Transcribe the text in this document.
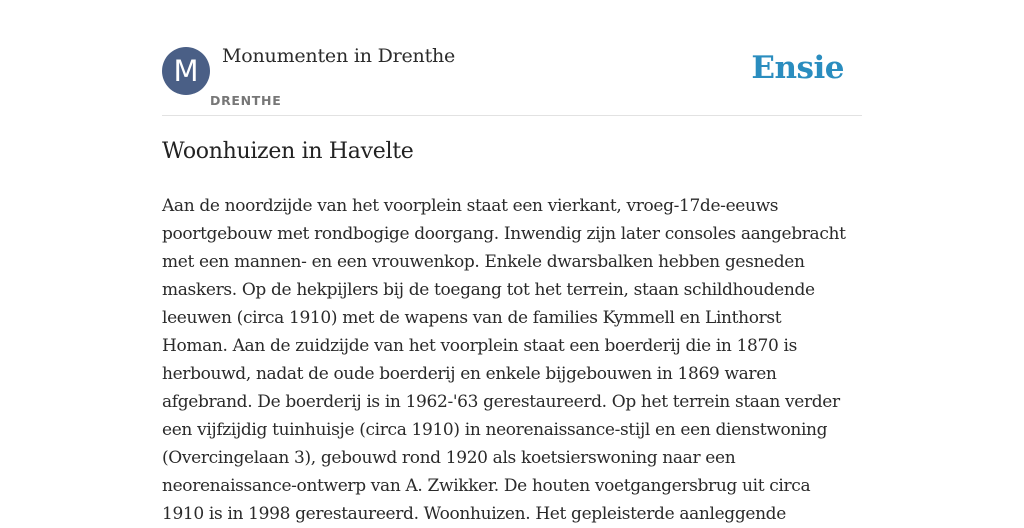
M	Monumenten in Drenthe
DRENTHE
Ensie
Woonhuizen in Havelte

Aan de noordzijde van het voorplein staat een vierkant, vroeg-17de-eeuws
poortgebouw met rondbogige doorgang. Inwendig zijn later consoles aangebracht
met een mannen- en een vrouwenkop. Enkele dwarsbalken hebben gesneden
maskers. Op de hekpijlers bij de toegang tot het terrein, staan schildhoudende
leeuwen (circa 1910) met de wapens van de families Kymmell en Linthorst
Homan. Aan de zuidzijde van het voorplein staat een boerderij die in 1870 is
herbouwd, nadat de oude boerderij en enkele bijgebouwen in 1869 waren
afgebrand. De boerderij is in 1962-'63 gerestaureerd. Op het terrein staan verder
een vijfzijdig tuinhuisje (circa 1910) in neorenaissance-stijl en een dienstwoning
(Overcingelaan 3), gebouwd rond 1920 als koetsierswoning naar een
neorenaissance-ontwerp van A. Zwikker. De houten voetgangersbrug uit circa
1910 is in 1998 gerestaureerd. Woonhuizen. Het gepleisterde aanleggende
